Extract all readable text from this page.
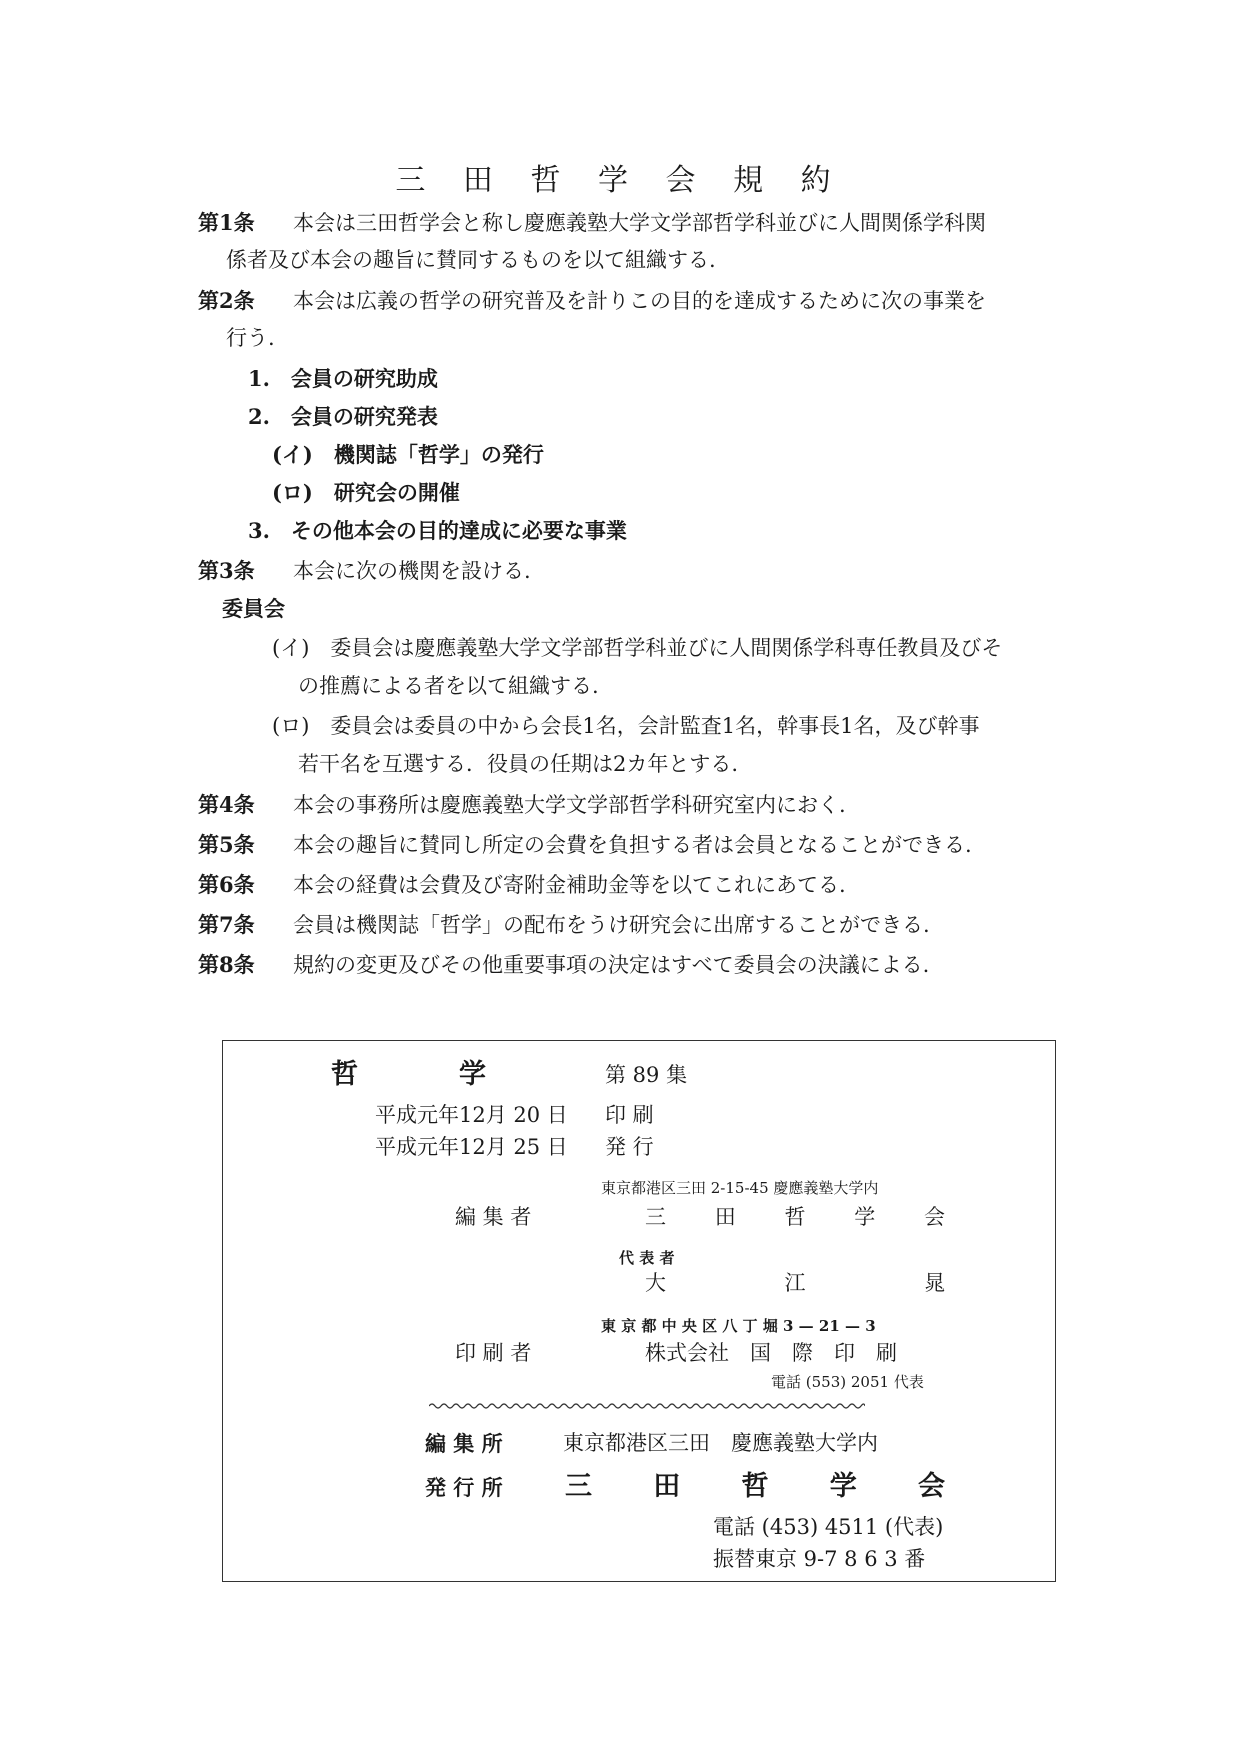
三 田 哲 学 会 規 約
第1条 本会は三田哲学会と称し慶應義塾大学文学部哲学科並びに人間関係学科関
係者及び本会の趣旨に賛同するものを以て組織する.
第2条 本会は広義の哲学の研究普及を計りこの目的を達成するために次の事業を
行う.
1.　会員の研究助成
2.　会員の研究発表
(イ)　機関誌「哲学」の発行
(ロ)　研究会の開催
3.　その他本会の目的達成に必要な事業
第3条 本会に次の機関を設ける.
委員会
(イ)　委員会は慶應義塾大学文学部哲学科並びに人間関係学科専任教員及びそ
の推薦による者を以て組織する.
(ロ)　委員会は委員の中から会長1名，会計監査1名，幹事長1名，及び幹事
若干名を互選する．役員の任期は2カ年とする.
第4条 本会の事務所は慶應義塾大学文学部哲学科研究室内におく.
第5条 本会の趣旨に賛同し所定の会費を負担する者は会員となることができる.
第6条 本会の経費は会費及び寄附金補助金等を以てこれにあてる.
第7条 会員は機関誌「哲学」の配布をうけ研究会に出席することができる.
第8条 規約の変更及びその他重要事項の決定はすべて委員会の決議による.
哲	学	第 89 集
平成元年12月 20 日 印 刷
平成元年12月 25 日 発 行
東京都港区三田 2-15-45 慶應義塾大学内
編 集 者	三 田 哲 学 会
代 表 者
大	江	晁
東 京 都 中 央 区 八 丁 堀 3 — 21 — 3
印 刷 者	株式会社　国　際　印　刷
電話 (553) 2051 代表
編 集 所	東京都港区三田　慶應義塾大学内
発 行 所 三 田 哲 学 会
電話 (453) 4511 (代表)
振替東京 9-7 8 6 3 番
